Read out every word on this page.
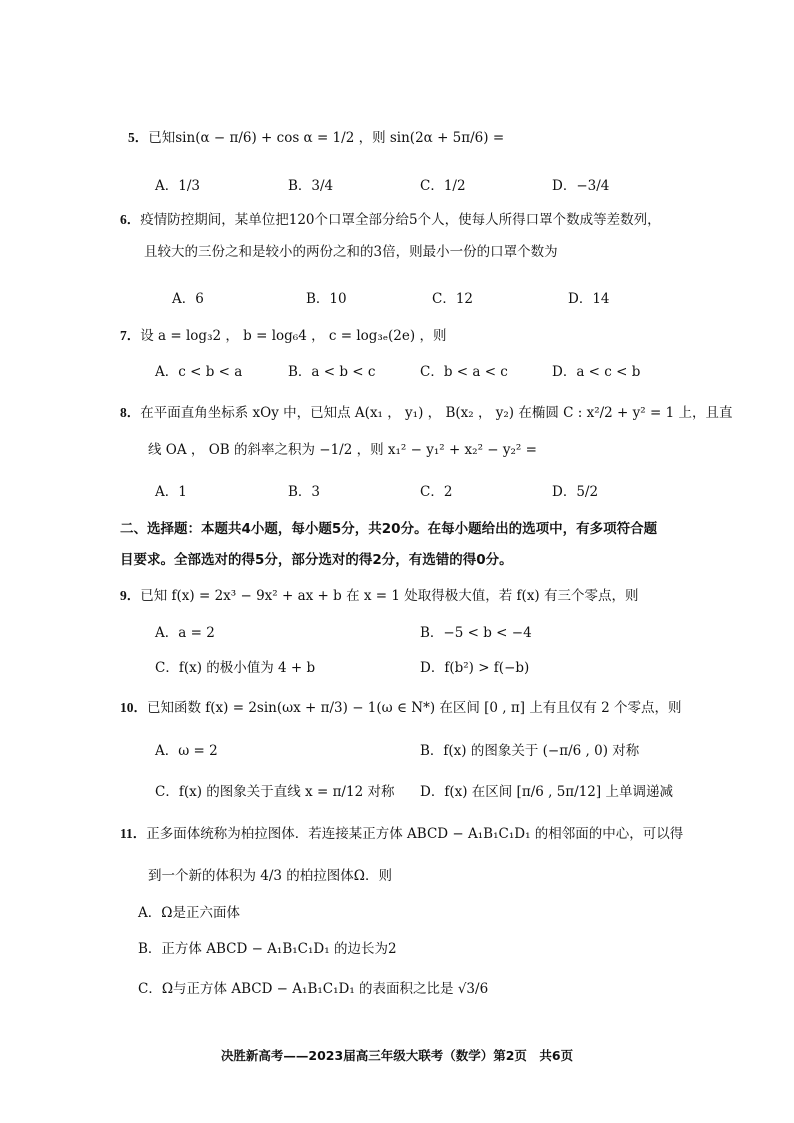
5．已知sin(α − π/6) + cos α = 1/2 ，则 sin(2α + 5π/6) =
A．1/3	B．3/4	C．1/2	D．−3/4
6．疫情防控期间，某单位把120个口罩全部分给5个人，使每人所得口罩个数成等差数列，
且较大的三份之和是较小的两份之和的3倍，则最小一份的口罩个数为
A．6	B．10	C．12	D．14
7．设 a = log₃2 ， b = log₆4 ， c = log₃ₑ(2e) ，则
A．c < b < a	B．a < b < c	C．b < a < c	D．a < c < b
8．在平面直角坐标系 xOy 中，已知点 A(x₁ ， y₁) ， B(x₂ ， y₂) 在椭圆 C : x²/2 + y² = 1 上，且直
线 OA ， OB 的斜率之积为 −1/2 ，则 x₁² − y₁² + x₂² − y₂² =
A．1	B．3	C．2	D．5/2
二、选择题：本题共4小题，每小题5分，共20分。在每小题给出的选项中，有多项符合题
目要求。全部选对的得5分，部分选对的得2分，有选错的得0分。
9．已知 f(x) = 2x³ − 9x² + ax + b 在 x = 1 处取得极大值，若 f(x) 有三个零点，则
A．a = 2	B．−5 < b < −4
C．f(x) 的极小值为 4 + b	D．f(b²) > f(−b)
10．已知函数 f(x) = 2sin(ωx + π/3) − 1(ω ∈ N*) 在区间 [0 , π] 上有且仅有 2 个零点，则
A．ω = 2	B．f(x) 的图象关于 (−π/6 , 0) 对称
C．f(x) 的图象关于直线 x = π/12 对称 D．f(x) 在区间 [π/6 , 5π/12] 上单调递减
11．正多面体统称为柏拉图体．若连接某正方体 ABCD − A₁B₁C₁D₁ 的相邻面的中心，可以得
到一个新的体积为 4/3 的柏拉图体Ω．则
A．Ω是正六面体
B．正方体 ABCD − A₁B₁C₁D₁ 的边长为2
C．Ω与正方体 ABCD − A₁B₁C₁D₁ 的表面积之比是 √3/6
决胜新高考——2023届高三年级大联考（数学）第2页　共6页
